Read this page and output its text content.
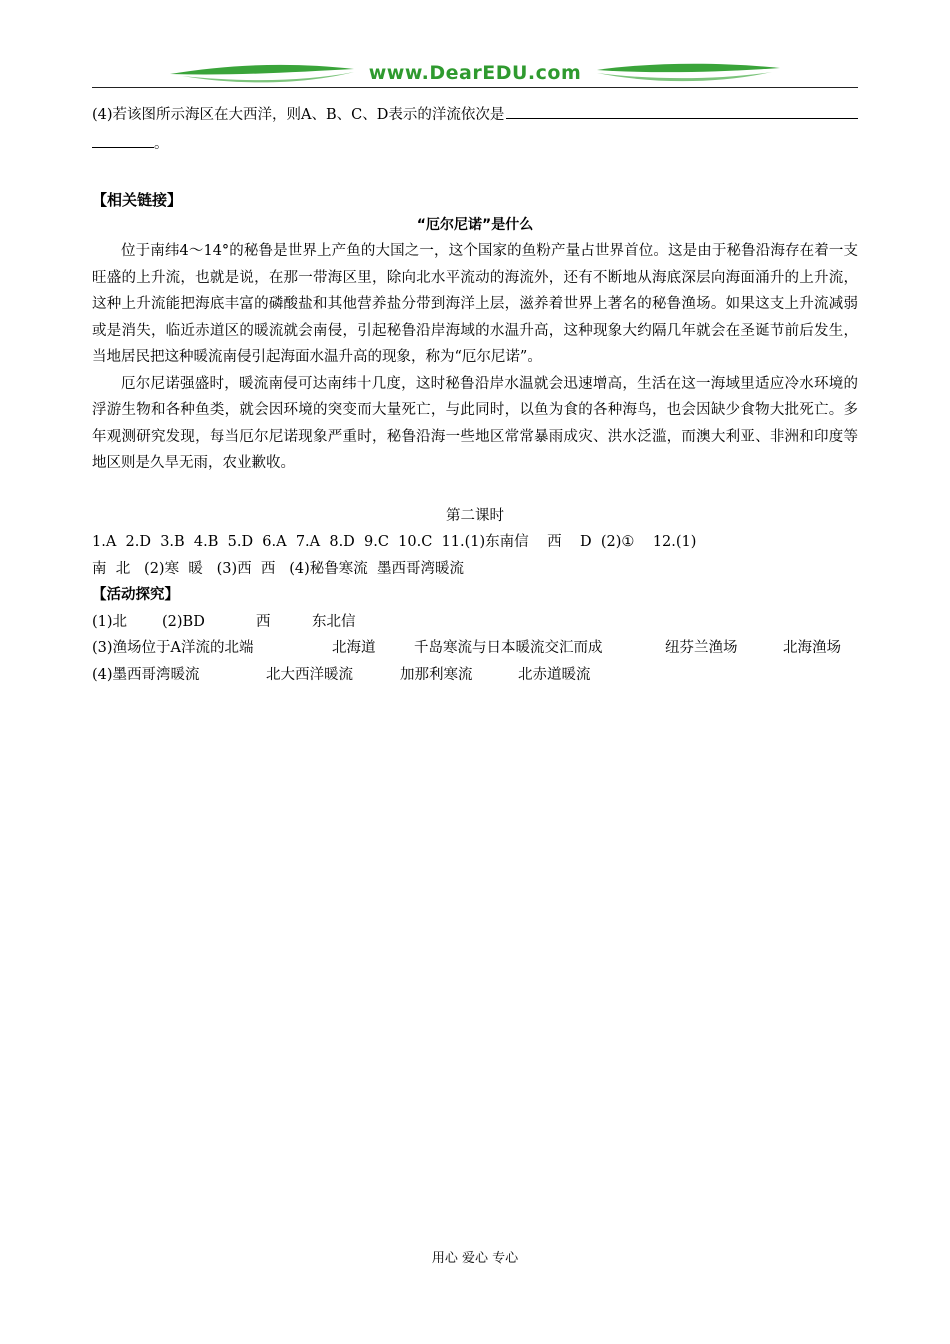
www.DearEDU.com
(4)若该图所示海区在大西洋，则A、B、C、D表示的洋流依次是
。
【相关链接】
“厄尔尼诺”是什么

位于南纬4～14°的秘鲁是世界上产鱼的大国之一，这个国家的鱼粉产量占世界首位。这是由于秘鲁沿海存在着一支旺盛的上升流，也就是说，在那一带海区里，除向北水平流动的海流外，还有不断地从海底深层向海面涌升的上升流，这种上升流能把海底丰富的磷酸盐和其他营养盐分带到海洋上层，滋养着世界上著名的秘鲁渔场。如果这支上升流减弱或是消失，临近赤道区的暖流就会南侵，引起秘鲁沿岸海域的水温升高，这种现象大约隔几年就会在圣诞节前后发生，当地居民把这种暖流南侵引起海面水温升高的现象，称为“厄尔尼诺”。

厄尔尼诺强盛时，暖流南侵可达南纬十几度，这时秘鲁沿岸水温就会迅速增高，生活在这一海域里适应冷水环境的浮游生物和各种鱼类，就会因环境的突变而大量死亡，与此同时，以鱼为食的各种海鸟，也会因缺少食物大批死亡。多年观测研究发现，每当厄尔尼诺现象严重时，秘鲁沿海一些地区常常暴雨成灾、洪水泛滥，而澳大利亚、非洲和印度等地区则是久旱无雨，农业歉收。

第二课时
1.A  2.D  3.B  4.B  5.D  6.A  7.A  8.D  9.C  10.C  11.(1)东南信    西    D  (2)①    12.(1)
南  北   (2)寒  暖   (3)西  西   (4)秘鲁寒流  墨西哥湾暖流
【活动探究】
(1)北	(2)BD	西	东北信
(3)渔场位于A洋流的北端	北海道	千岛寒流与日本暖流交汇而成	纽芬兰渔场	北海渔场
(4)墨西哥湾暖流	北大西洋暖流	加那利寒流	北赤道暖流
用心 爱心 专心
